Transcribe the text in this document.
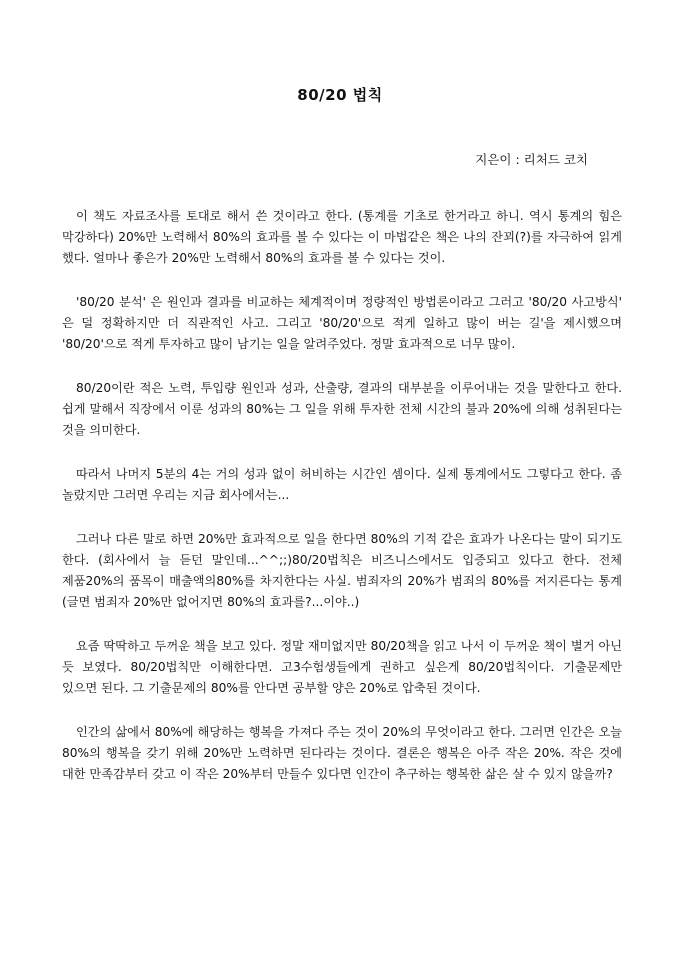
80/20 법칙
지은이 : 리처드 코치

이 책도 자료조사를 토대로 해서 쓴 것이라고 한다. (통계를 기초로 한거라고 하니. 역시 통계의 힘은 막강하다) 20%만 노력해서 80%의 효과를 볼 수 있다는 이 마법같은 책은 나의 잔꾀(?)를 자극하여 읽게 했다. 얼마나 좋은가 20%만 노력해서 80%의 효과를 볼 수 있다는 것이.

'80/20 분석' 은 원인과 결과를 비교하는 체계적이며 정량적인 방법론이라고 그러고 '80/20 사고방식' 은 덜 정확하지만 더 직관적인 사고. 그리고 '80/20'으로 적게 일하고 많이 버는 길'을 제시했으며 '80/20'으로 적게 투자하고 많이 남기는 일을 알려주었다. 정말 효과적으로 너무 많이.

80/20이란 적은 노력, 투입량 원인과 성과, 산출량, 결과의 대부분을 이루어내는 것을 말한다고 한다. 쉽게 말해서 직장에서 이룬 성과의 80%는 그 일을 위해 투자한 전체 시간의 불과 20%에 의해 성취된다는 것을 의미한다.

따라서 나머지 5분의 4는 거의 성과 없이 허비하는 시간인 셈이다. 실제 통계에서도 그렇다고 한다. 좀 놀랐지만 그러면 우리는 지금 회사에서는...

그러나 다른 말로 하면 20%만 효과적으로 일을 한다면 80%의 기적 같은 효과가 나온다는 말이 되기도 한다. (회사에서 늘 듣던 말인데...^^;;)80/20법칙은 비즈니스에서도 입증되고 있다고 한다. 전체 제품20%의 품목이 매출액의80%를 차지한다는 사실. 범죄자의 20%가 범죄의 80%를 저지른다는 통계(글면 범죄자 20%만 없어지면 80%의 효과를?...이야..)

요즘 딱딱하고 두꺼운 책을 보고 있다. 정말 재미없지만 80/20책을 읽고 나서 이 두꺼운 책이 별거 아닌 듯 보였다. 80/20법칙만 이해한다면. 고3수험생들에게 권하고 싶은게 80/20법칙이다. 기출문제만 있으면 된다. 그 기출문제의 80%를 안다면 공부할 양은 20%로 압축된 것이다.

인간의 삶에서 80%에 해당하는 행복을 가져다 주는 것이 20%의 무엇이라고 한다. 그러면 인간은 오늘 80%의 행복을 갖기 위해 20%만 노력하면 된다라는 것이다. 결론은 행복은 아주 작은 20%. 작은 것에 대한 만족감부터 갖고 이 작은 20%부터 만들수 있다면 인간이 추구하는 행복한 삶은 살 수 있지 않을까?
